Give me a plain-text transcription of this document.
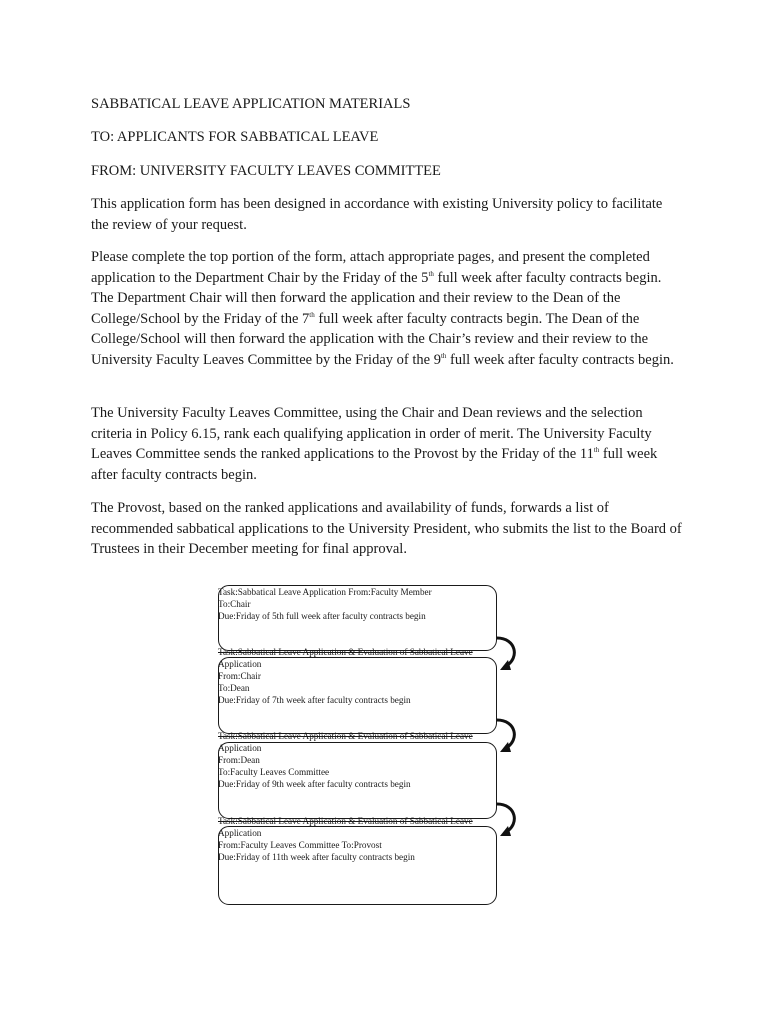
SABBATICAL LEAVE APPLICATION MATERIALS
TO: APPLICANTS FOR SABBATICAL LEAVE
FROM: UNIVERSITY FACULTY LEAVES COMMITTEE
This application form has been designed in accordance with existing University policy to facilitate the review of your request.
Please complete the top portion of the form, attach appropriate pages, and present the completed application to the Department Chair by the Friday of the 5th full week after faculty contracts begin. The Department Chair will then forward the application and their review to the Dean of the College/School by the Friday of the 7th full week after faculty contracts begin. The Dean of the College/School will then forward the application with the Chair’s review and their review to the University Faculty Leaves Committee by the Friday of the 9th full week after faculty contracts begin.
The University Faculty Leaves Committee, using the Chair and Dean reviews and the selection criteria in Policy 6.15, rank each qualifying application in order of merit. The University Faculty Leaves Committee sends the ranked applications to the Provost by the Friday of the 11th full week after faculty contracts begin.
The Provost, based on the ranked applications and availability of funds, forwards a list of recommended sabbatical applications to the University President, who submits the list to the Board of Trustees in their December meeting for final approval.
Task:Sabbatical Leave Application From:Faculty Member
To:Chair
Due:Friday of 5th full week after faculty contracts begin
Task:Sabbatical Leave Application & Evaluation of Sabbatical Leave
Application
From:Chair
To:Dean
Due:Friday of 7th week after faculty contracts begin
Task:Sabbatical Leave Application & Evaluation of Sabbatical Leave
Application
From:Dean
To:Faculty Leaves Committee
Due:Friday of 9th week after faculty contracts begin
Task:Sabbatical Leave Application & Evaluation of Sabbatical Leave
Application
From:Faculty Leaves Committee To:Provost
Due:Friday of 11th week after faculty contracts begin
